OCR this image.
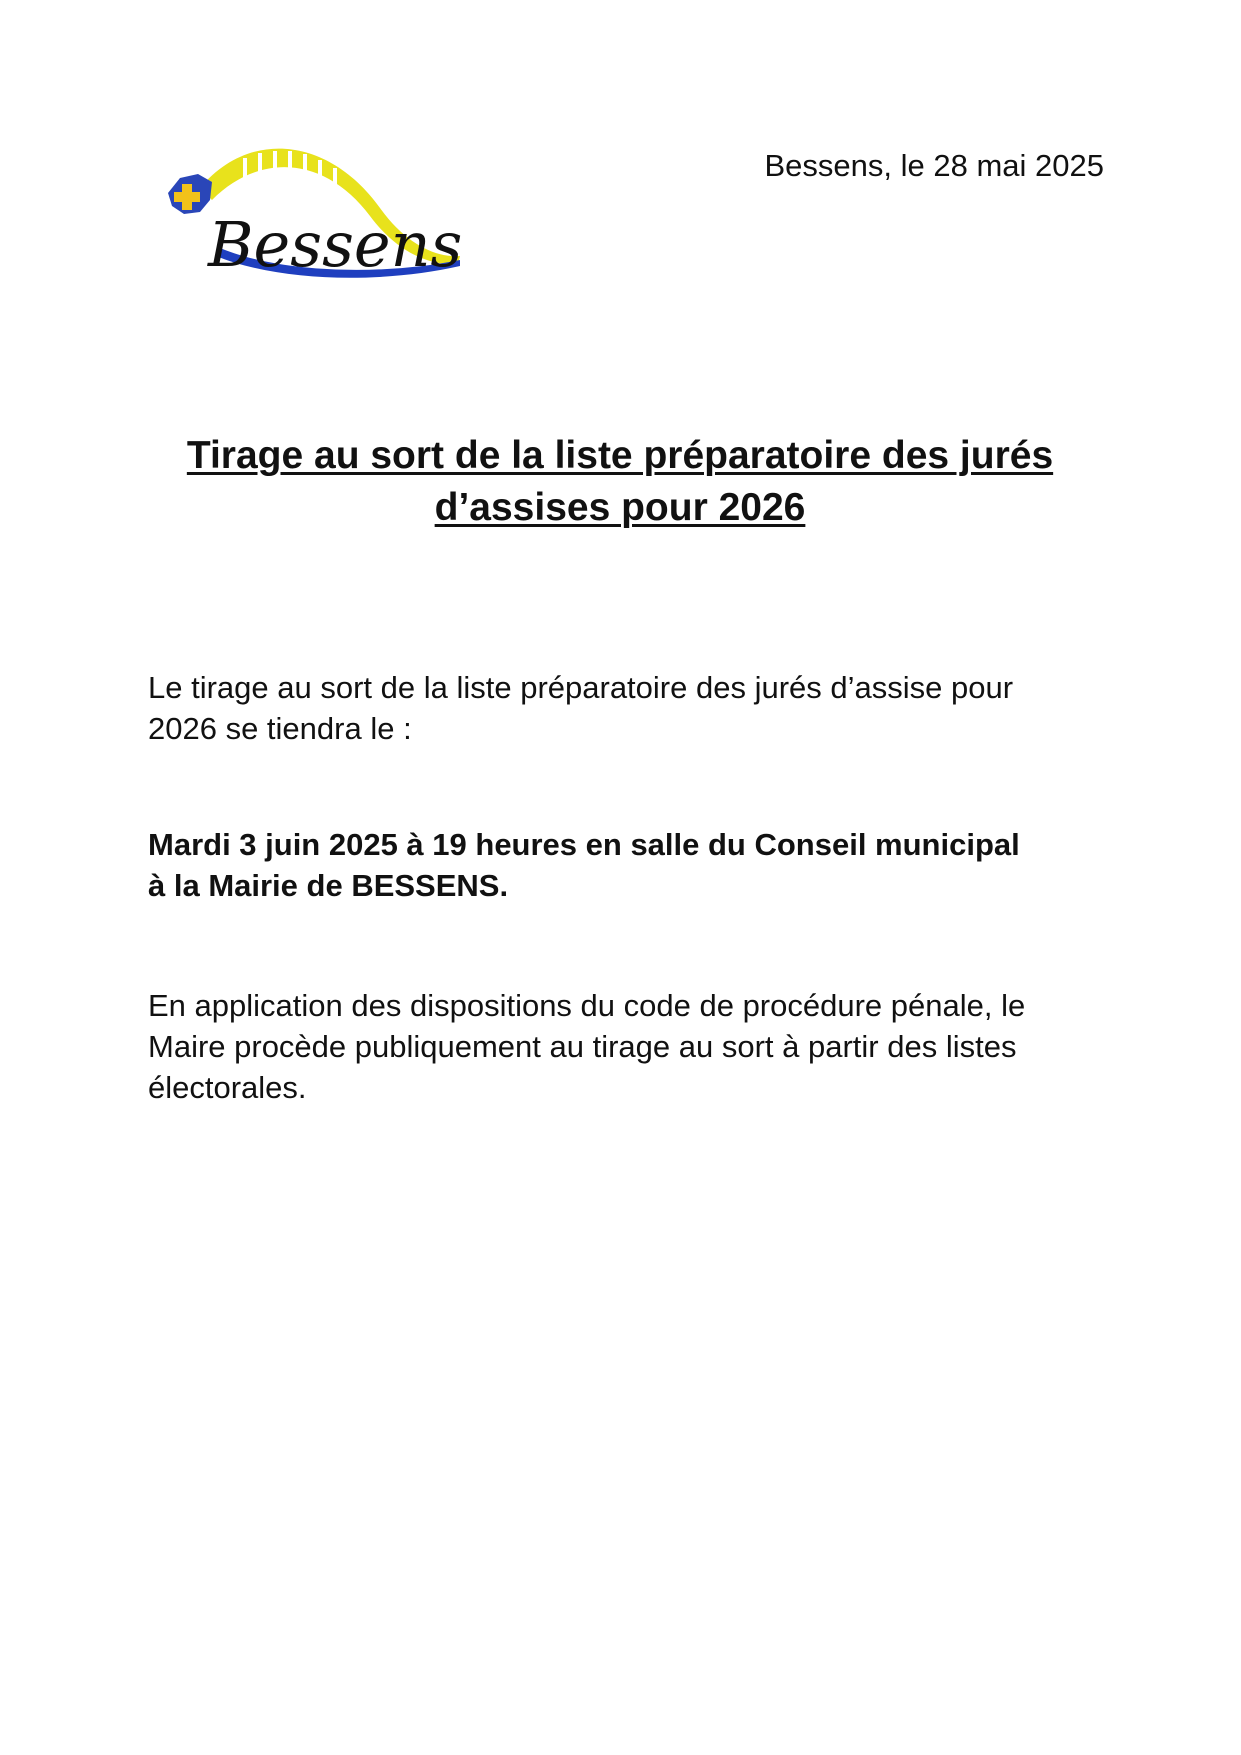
Bessens
Bessens, le 28 mai 2025
Tirage au sort de la liste préparatoire des jurés
d’assises pour 2026

Le tirage au sort de la liste préparatoire des jurés d’assise pour
2026 se tiendra le :

Mardi 3 juin 2025 à 19 heures en salle du Conseil municipal
à la Mairie de BESSENS.

En application des dispositions du code de procédure pénale, le
Maire procède publiquement au tirage au sort à partir des listes
électorales.
